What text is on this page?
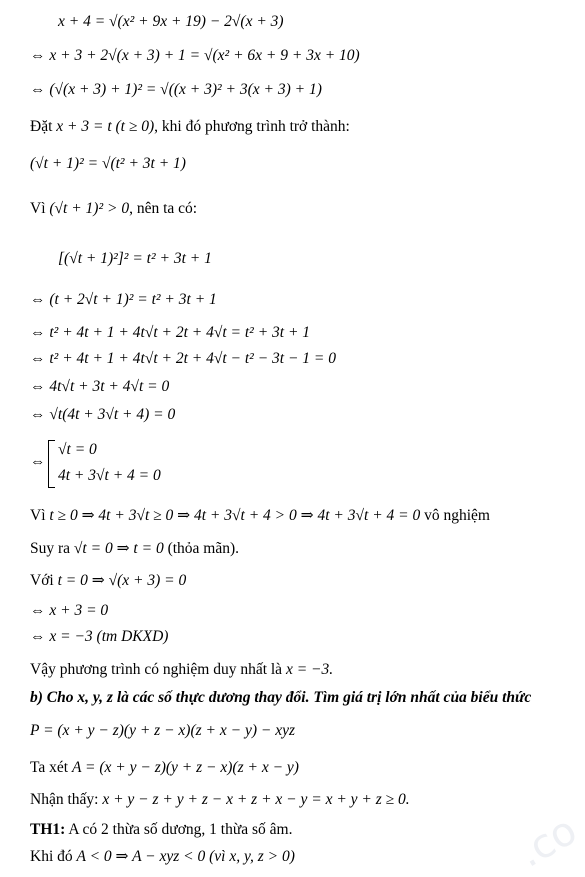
x + 4 = √(x² + 9x + 19) − 2√(x + 3)
⇔ x + 3 + 2√(x + 3) + 1 = √(x² + 6x + 9 + 3x + 10)
⇔ (√(x + 3) + 1)² = √((x + 3)² + 3(x + 3) + 1)
Đặt x + 3 = t (t ≥ 0), khi đó phương trình trở thành:
(√t + 1)² = √(t² + 3t + 1)
Vì (√t + 1)² > 0, nên ta có:
[(√t + 1)²]² = t² + 3t + 1
⇔ (t + 2√t + 1)² = t² + 3t + 1
⇔ t² + 4t + 1 + 4t√t + 2t + 4√t = t² + 3t + 1
⇔ t² + 4t + 1 + 4t√t + 2t + 4√t − t² − 3t − 1 = 0
⇔ 4t√t + 3t + 4√t = 0
⇔ √t(4t + 3√t + 4) = 0
⇔
√t = 0
4t + 3√t + 4 = 0
Vì t ≥ 0 ⇒ 4t + 3√t ≥ 0 ⇒ 4t + 3√t + 4 > 0 ⇒ 4t + 3√t + 4 = 0 vô nghiệm
Suy ra √t = 0 ⇒ t = 0 (thỏa mãn).
Với t = 0 ⇒ √(x + 3) = 0
⇔ x + 3 = 0
⇔ x = −3 (tm DKXD)
Vậy phương trình có nghiệm duy nhất là x = −3.
b) Cho x, y, z là các số thực dương thay đổi. Tìm giá trị lớn nhất của biểu thức
P = (x + y − z)(y + z − x)(z + x − y) − xyz
Ta xét A = (x + y − z)(y + z − x)(z + x − y)
Nhận thấy: x + y − z + y + z − x + z + x − y = x + y + z ≥ 0.
TH1: A có 2 thừa số dương, 1 thừa số âm.
Khi đó A < 0 ⇒ A − xyz < 0 (vì x, y, z > 0)	.co
